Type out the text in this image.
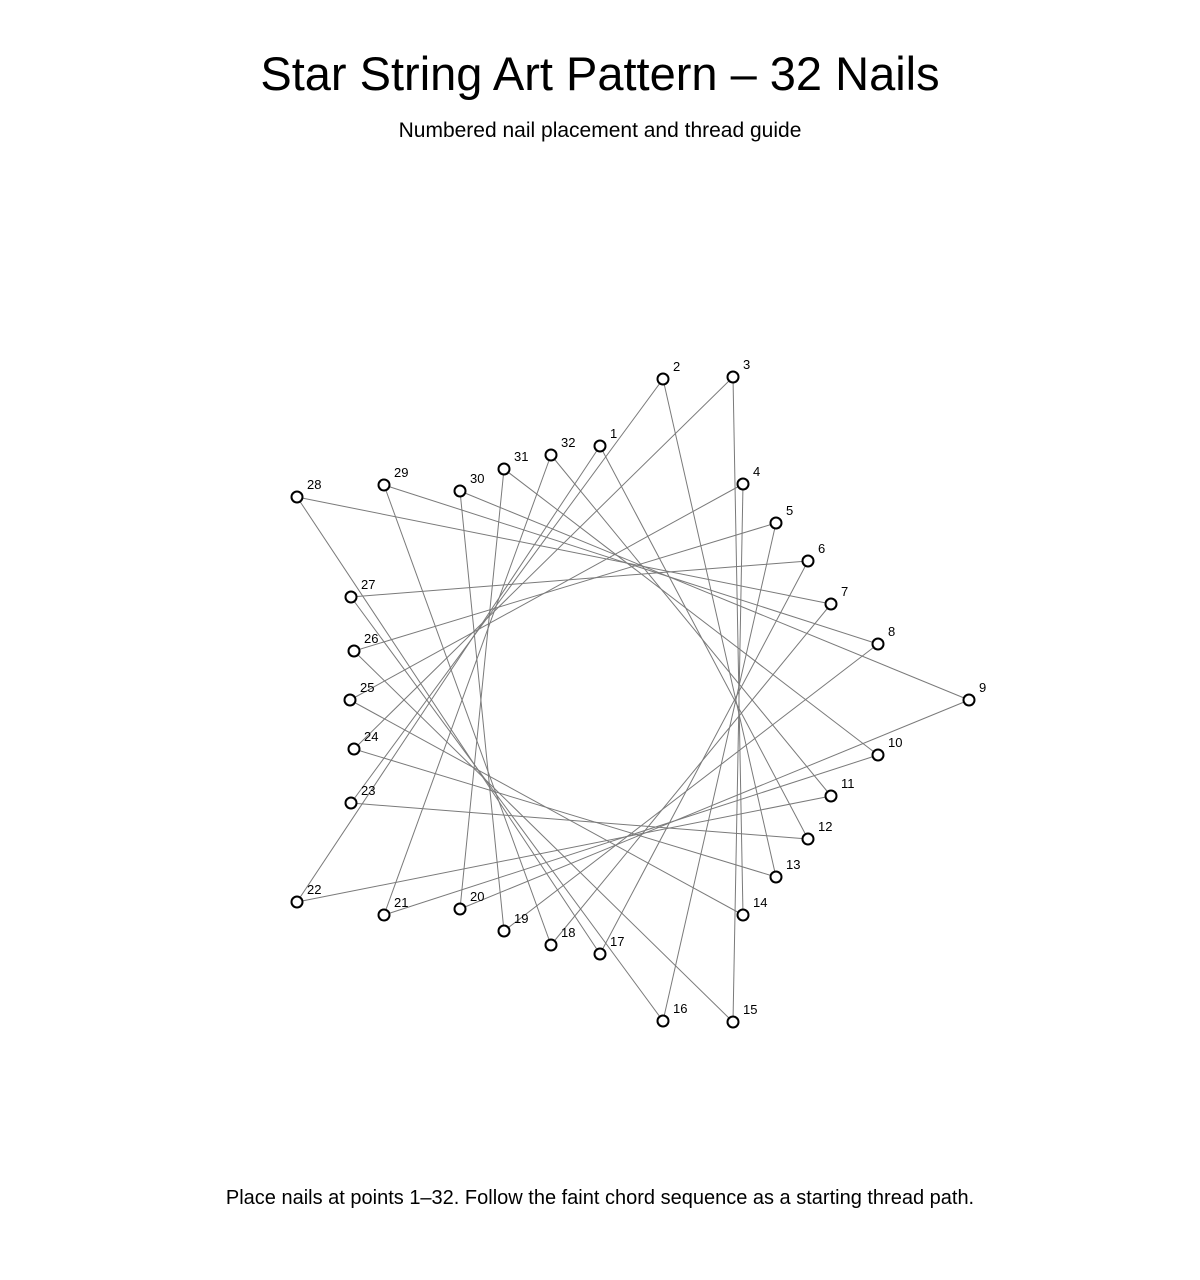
Star String Art Pattern – 32 Nails
Numbered nail placement and thread guide
1
2	3
4
5
6
7
8
9
10
11
12
13
14
15
16
17
18
19
20
21
22
23
24
25
26
27
28
29	30
31
32
Place nails at points 1–32. Follow the faint chord sequence as a starting thread path.
